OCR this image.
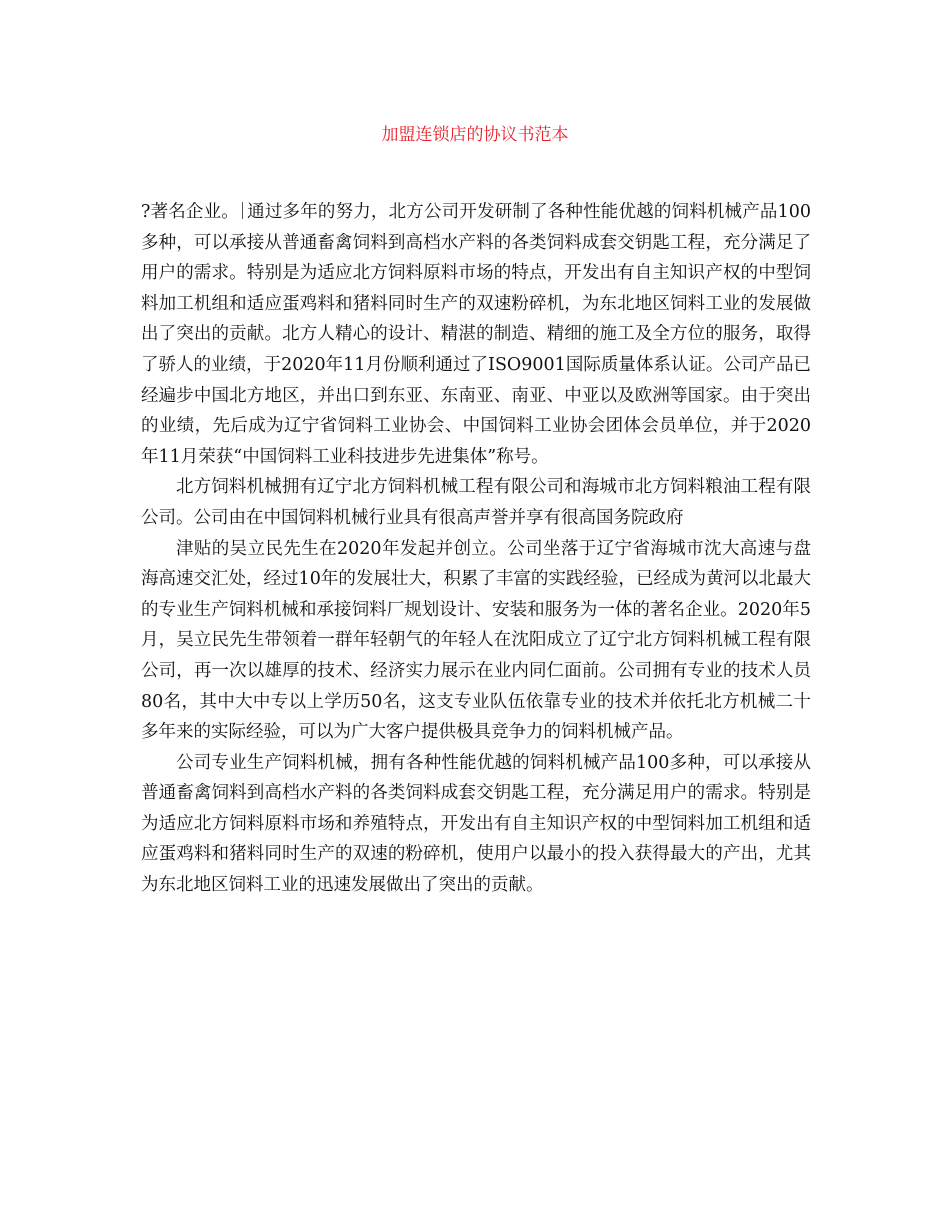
加盟连锁店的协议书范本

?著名企业。 通过多年的努力，北方公司开发研制了各种性能优越的饲料机械产品100多种，可以承接从普通畜禽饲料到高档水产料的各类饲料成套交钥匙工程，充分满足了用户的需求。特别是为适应北方饲料原料市场的特点，开发出有自主知识产权的中型饲料加工机组和适应蛋鸡料和猪料同时生产的双速粉碎机，为东北地区饲料工业的发展做出了突出的贡献。北方人精心的设计、精湛的制造、精细的施工及全方位的服务，取得了骄人的业绩，于2020年11月份顺利通过了ISO9001国际质量体系认证。公司产品已经遍步中国北方地区，并出口到东亚、东南亚、南亚、中亚以及欧洲等国家。由于突出的业绩，先后成为辽宁省饲料工业协会、中国饲料工业协会团体会员单位，并于2020年11月荣获“中国饲料工业科技进步先进集体”称号。

北方饲料机械拥有辽宁北方饲料机械工程有限公司和海城市北方饲料粮油工程有限公司。公司由在中国饲料机械行业具有很高声誉并享有很高国务院政府

津贴的吴立民先生在2020年发起并创立。公司坐落于辽宁省海城市沈大高速与盘海高速交汇处，经过10年的发展壮大，积累了丰富的实践经验，已经成为黄河以北最大的专业生产饲料机械和承接饲料厂规划设计、安装和服务为一体的著名企业。2020年5月，吴立民先生带领着一群年轻朝气的年轻人在沈阳成立了辽宁北方饲料机械工程有限公司，再一次以雄厚的技术、经济实力展示在业内同仁面前。公司拥有专业的技术人员80名，其中大中专以上学历50名，这支专业队伍依靠专业的技术并依托北方机械二十多年来的实际经验，可以为广大客户提供极具竞争力的饲料机械产品。

公司专业生产饲料机械，拥有各种性能优越的饲料机械产品100多种，可以承接从普通畜禽饲料到高档水产料的各类饲料成套交钥匙工程，充分满足用户的需求。特别是为适应北方饲料原料市场和养殖特点，开发出有自主知识产权的中型饲料加工机组和适应蛋鸡料和猪料同时生产的双速的粉碎机，使用户以最小的投入获得最大的产出，尤其为东北地区饲料工业的迅速发展做出了突出的贡献。
